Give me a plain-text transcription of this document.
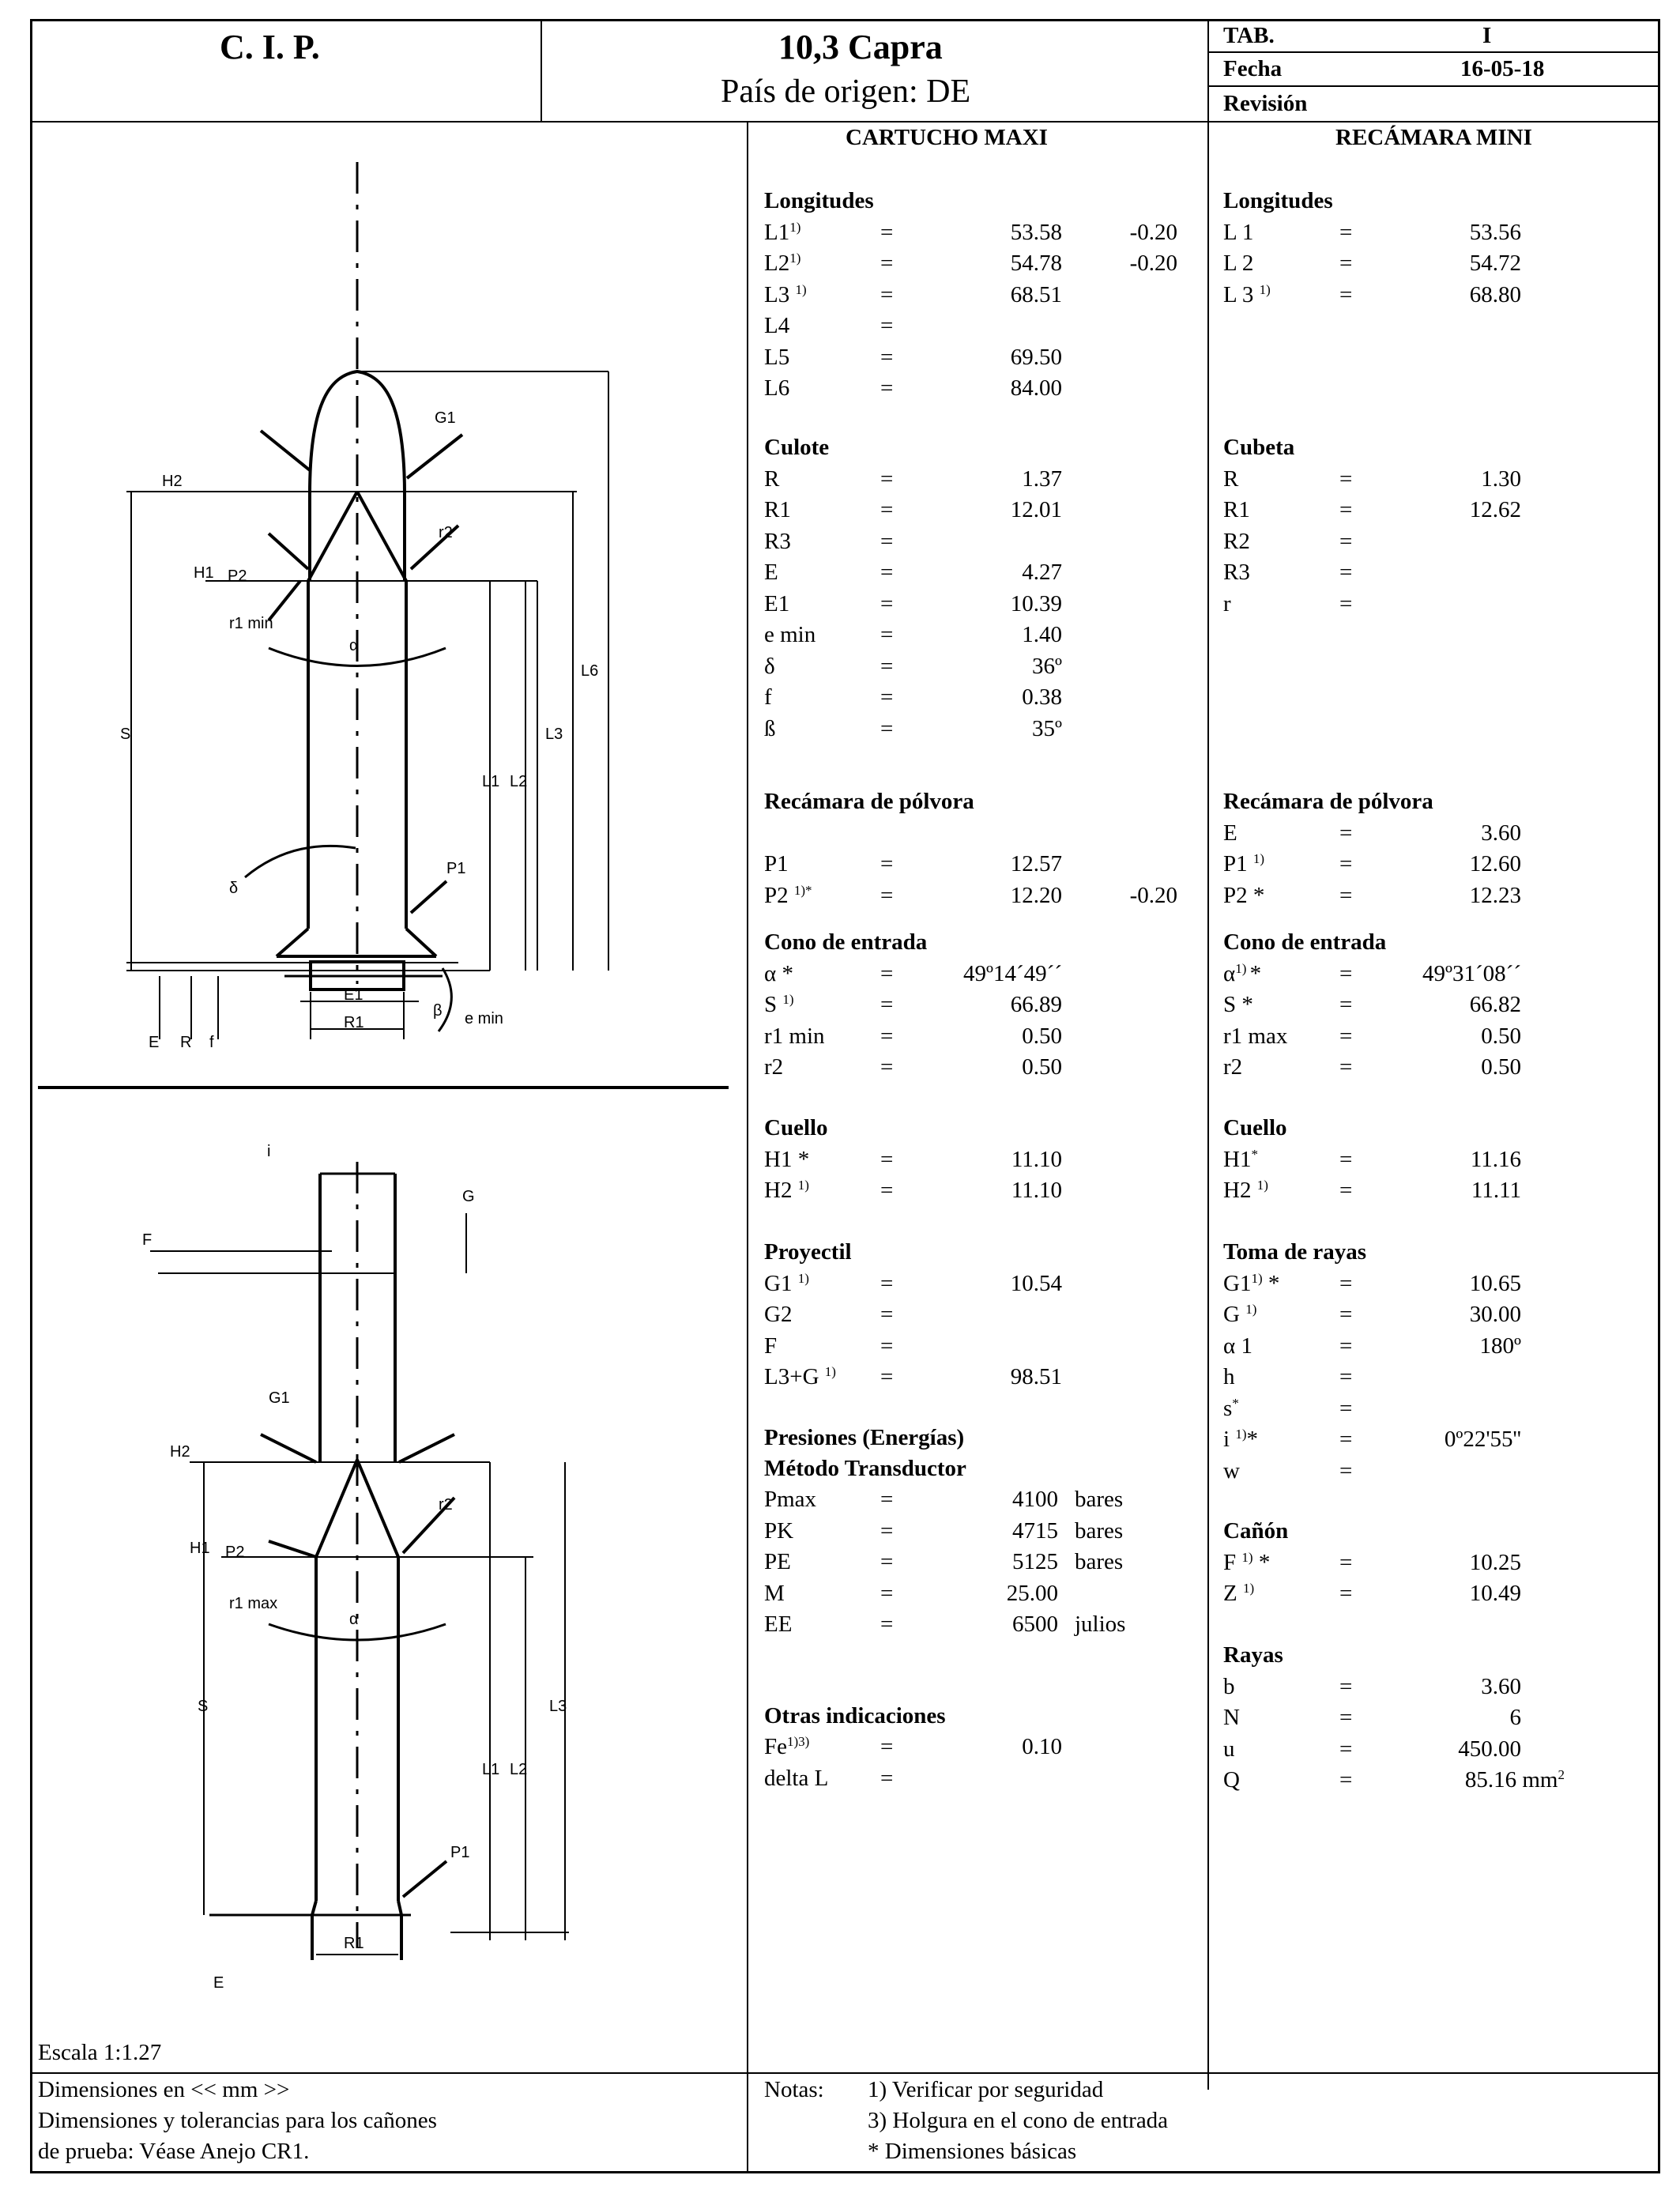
C. I. P.	10,3 Capra
País de origen: DE
TAB.	I
Fecha	16-05-18
Revisión
CARTUCHO MAXI	RECÁMARA MINI
Longitudes
$L1^{1)}$	=	53.58	-0.20
$L2^{1)}$	=	54.78	-0.20
L3 $^{1)}$	=	68.51
L4	=
L5	=	69.50
L6	=	84.00
Culote
R	=	1.37
R1	=	12.01
R3	=
E	=	4.27
E1	=	10.39
e min	=	1.40
δ	=	36º
f	=	0.38
ß	=	35º
Recámara de pólvora
P1	=	12.57
P2 $^{1)*}$	=	12.20	-0.20
Cono de entrada
α *	=	49º14´49´´
S $^{1)}$	=	66.89
r1 min =	0.50
r2	=	0.50
Cuello
H1 *	=	11.10
H2 $^{1)}$	=	11.10
Proyectil
G1 $^{1)}$	=	10.54
G2	=
F	=
L3+G $^{1)}$ =	98.51
Presiones (Energías)
Método Transductor
Pmax	=	4100 bares
PK	=	4715 bares
PE	=	5125 bares
M	=	25.00
EE	=	6500 julios
Otras indicaciones
$Fe^{1)3)}$	=	0.10
delta L =
Longitudes
L 1	=	53.56
L 2	=	54.72
L 3 $^{1)}$	=	68.80
Cubeta
R	=	1.30
R1	=	12.62
R2	=
R3	=
r	=
Recámara de pólvora
E	=	3.60
P1 $^{1)}$	=	12.60
P2 *	=	12.23
Cono de entrada
$\alpha^{1)}$ *	=	49º31´08´´
S *	=	66.82
r1 max =	0.50
r2	=	0.50
Cuello
H1*	=	11.16
H2 $^{1)}$	=	11.11
Toma de rayas
G1$^{1)}$ *	=	10.65
G $^{1)}$	=	30.00
α 1	=	180º
h	=
s*	=
i $^{1)}$*	=	0º22'55''
w	=
Cañón
F $^{1)}$ *	=	10.25
Z $^{1)}$	=	10.49
Rayas
b	=	3.60
N	=	6
u	=	450.00
Q	=	85.16 $mm^2$
Escala 1:1.27
Dimensiones en << mm >>
Dimensiones y tolerancias para los cañones
de prueba: Véase Anejo CR1.
Notas: 1) Verificar por seguridad
3) Holgura en el cono de entrada
* Dimensiones básicas
H2
H1 P2
G1
r2
r1 min
α
S
L1 L2
L3
L6
δ
P1
E1
R1
β e min
E R f
i
F
G
G1
H2
H1 P2
r2
r1 max
α
S
L1 L2
L3
P1
R1
E
